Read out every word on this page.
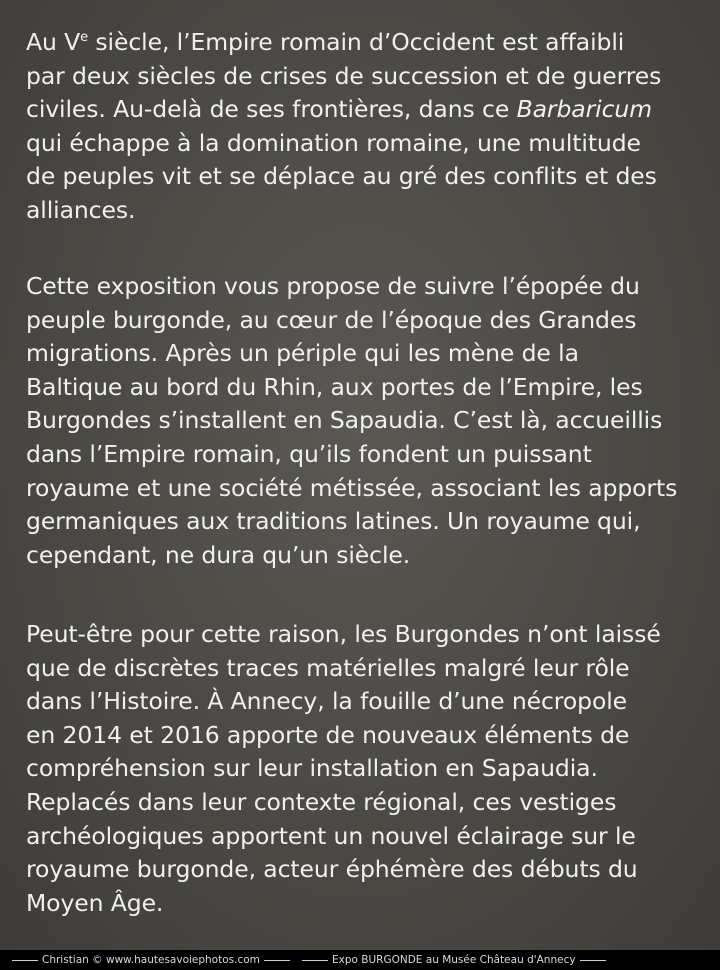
Au Ve siècle, l’Empire romain d’Occident est affaibli
par deux siècles de crises de succession et de guerres
civiles. Au-delà de ses frontières, dans ce Barbaricum
qui échappe à la domination romaine, une multitude
de peuples vit et se déplace au gré des conflits et des
alliances.
Cette exposition vous propose de suivre l’épopée du
peuple burgonde, au cœur de l’époque des Grandes
migrations. Après un périple qui les mène de la
Baltique au bord du Rhin, aux portes de l’Empire, les
Burgondes s’installent en Sapaudia. C’est là, accueillis
dans l’Empire romain, qu’ils fondent un puissant
royaume et une société métissée, associant les apports
germaniques aux traditions latines. Un royaume qui,
cependant, ne dura qu’un siècle.
Peut-être pour cette raison, les Burgondes n’ont laissé
que de discrètes traces matérielles malgré leur rôle
dans l’Histoire. À Annecy, la fouille d’une nécropole
en 2014 et 2016 apporte de nouveaux éléments de
compréhension sur leur installation en Sapaudia.
Replacés dans leur contexte régional, ces vestiges
archéologiques apportent un nouvel éclairage sur le
royaume burgonde, acteur éphémère des débuts du
Moyen Âge.
Christian © www.hautesavoiephotos.com	Expo BURGONDE au Musée Château d'Annecy
